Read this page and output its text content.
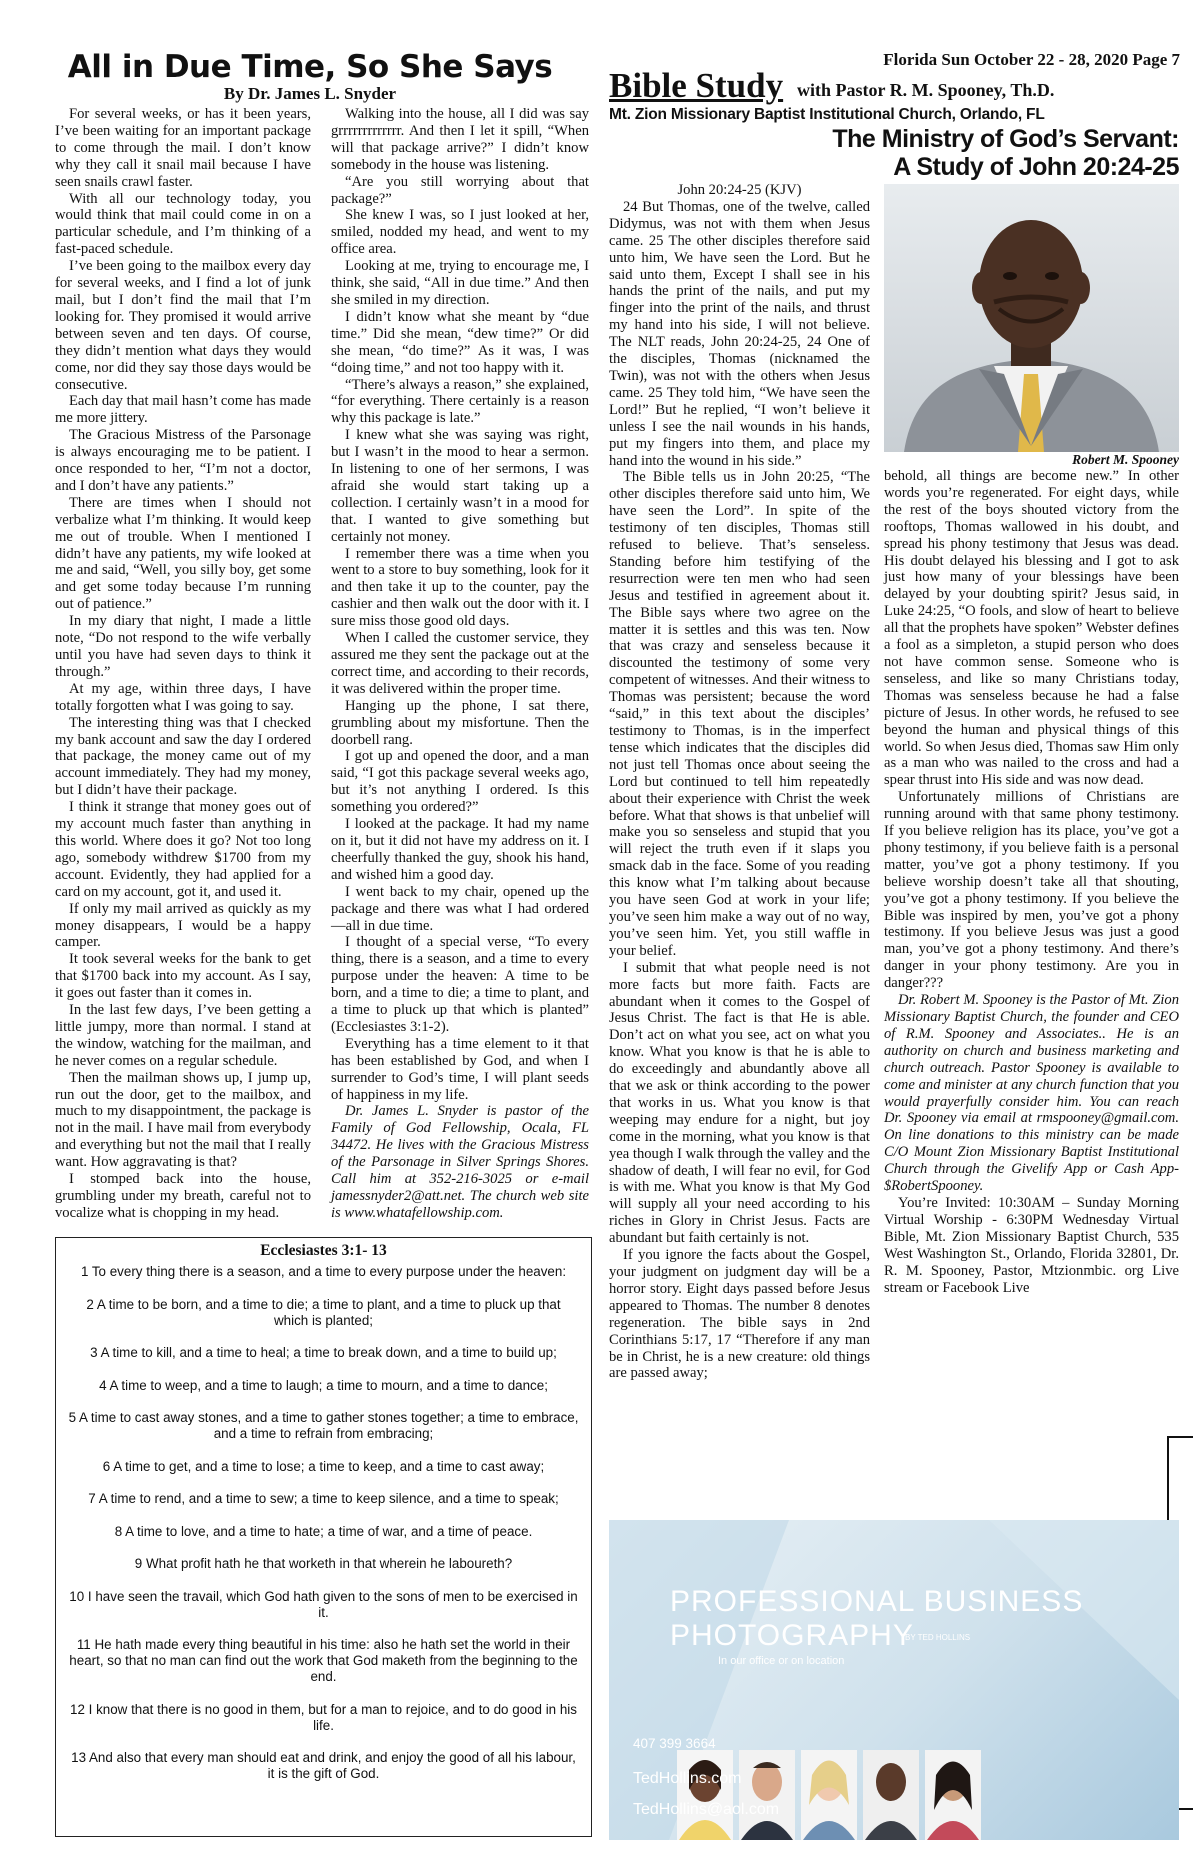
Florida Sun October 22 - 28, 2020 Page 7
All in Due Time, So She Says
By Dr. James L. Snyder

For several weeks, or has it been years, I’ve been waiting for an important package to come through the mail. I don’t know why they call it snail mail because I have seen snails crawl faster.

With all our technology today, you would think that mail could come in on a particular schedule, and I’m thinking of a fast-paced schedule.

I’ve been going to the mailbox every day for several weeks, and I find a lot of junk mail, but I don’t find the mail that I’m looking for. They promised it would arrive between seven and ten days. Of course, they didn’t mention what days they would come, nor did they say those days would be consecutive.

Each day that mail hasn’t come has made me more jittery.

The Gracious Mistress of the Parsonage is always encouraging me to be patient. I once responded to her, “I’m not a doctor, and I don’t have any patients.”

There are times when I should not verbalize what I’m thinking. It would keep me out of trouble. When I mentioned I didn’t have any patients, my wife looked at me and said, “Well, you silly boy, get some and get some today because I’m running out of patience.”

In my diary that night, I made a little note, “Do not respond to the wife verbally until you have had seven days to think it through.”

At my age, within three days, I have totally forgotten what I was going to say.

The interesting thing was that I checked my bank account and saw the day I ordered that package, the money came out of my account immediately. They had my money, but I didn’t have their package.

I think it strange that money goes out of my account much faster than anything in this world. Where does it go? Not too long ago, somebody withdrew $1700 from my account. Evidently, they had applied for a card on my account, got it, and used it.

If only my mail arrived as quickly as my money disappears, I would be a happy camper.

It took several weeks for the bank to get that $1700 back into my account. As I say, it goes out faster than it comes in.

In the last few days, I’ve been getting a little jumpy, more than normal. I stand at the window, watching for the mailman, and he never comes on a regular schedule.

Then the mailman shows up, I jump up, run out the door, get to the mailbox, and much to my disappointment, the package is not in the mail. I have mail from everybody and everything but not the mail that I really want. How aggravating is that?

I stomped back into the house, grumbling under my breath, careful not to vocalize what is chopping in my head.

Walking into the house, all I did was say grrrrrrrrrrrrr. And then I let it spill, “When will that package arrive?” I didn’t know somebody in the house was listening.

“Are you still worrying about that package?”

She knew I was, so I just looked at her, smiled, nodded my head, and went to my office area.

Looking at me, trying to encourage me, I think, she said, “All in due time.” And then she smiled in my direction.

I didn’t know what she meant by “due time.” Did she mean, “dew time?” Or did she mean, “do time?” As it was, I was “doing time,” and not too happy with it.

“There’s always a reason,” she explained, “for everything. There certainly is a reason why this package is late.”

I knew what she was saying was right, but I wasn’t in the mood to hear a sermon. In listening to one of her sermons, I was afraid she would start taking up a collection. I certainly wasn’t in a mood for that. I wanted to give something but certainly not money.

I remember there was a time when you went to a store to buy something, look for it and then take it up to the counter, pay the cashier and then walk out the door with it. I sure miss those good old days.

When I called the customer service, they assured me they sent the package out at the correct time, and according to their records, it was delivered within the proper time.

Hanging up the phone, I sat there, grumbling about my misfortune. Then the doorbell rang.

I got up and opened the door, and a man said, “I got this package several weeks ago, but it’s not anything I ordered. Is this something you ordered?”

I looked at the package. It had my name on it, but it did not have my address on it. I cheerfully thanked the guy, shook his hand, and wished him a good day.

I went back to my chair, opened up the package and there was what I had ordered—all in due time.

I thought of a special verse, “To every thing, there is a season, and a time to every purpose under the heaven: A time to be born, and a time to die; a time to plant, and a time to pluck up that which is planted” (Ecclesiastes 3:1-2).

Everything has a time element to it that has been established by God, and when I surrender to God’s time, I will plant seeds of happiness in my life.

Dr. James L. Snyder is pastor of the Family of God Fellowship, Ocala, FL 34472. He lives with the Gracious Mistress of the Parsonage in Silver Springs Shores. Call him at 352-216-3025 or e-mail jamessnyder2@att.net. The church web site is www.whatafellowship.com.

Ecclesiastes 3:1- 13
1 To every thing there is a season, and a time to every purpose under the heaven:
2 A time to be born, and a time to die; a time to plant, and a time to pluck up that which is planted;
3 A time to kill, and a time to heal; a time to break down, and a time to build up;
4 A time to weep, and a time to laugh; a time to mourn, and a time to dance;
5 A time to cast away stones, and a time to gather stones together; a time to embrace, and a time to refrain from embracing;
6 A time to get, and a time to lose; a time to keep, and a time to cast away;
7 A time to rend, and a time to sew; a time to keep silence, and a time to speak;
8 A time to love, and a time to hate; a time of war, and a time of peace.
9 What profit hath he that worketh in that wherein he laboureth?
10 I have seen the travail, which God hath given to the sons of men to be exercised in it.
11 He hath made every thing beautiful in his time: also he hath set the world in their heart, so that no man can find out the work that God maketh from the beginning to the end.
12 I know that there is no good in them, but for a man to rejoice, and to do good in his life.
13 And also that every man should eat and drink, and enjoy the good of all his labour, it is the gift of God.
Bible Study with Pastor R. M. Spooney, Th.D.
Mt. Zion Missionary Baptist Institutional Church, Orlando, FL
The Ministry of God’s Servant:
A Study of John 20:24-25

John 20:24-25 (KJV)

24 But Thomas, one of the twelve, called Didymus, was not with them when Jesus came. 25 The other disciples therefore said unto him, We have seen the Lord. But he said unto them, Except I shall see in his hands the print of the nails, and put my finger into the print of the nails, and thrust my hand into his side, I will not believe. The NLT reads, John 20:24-25, 24 One of the disciples, Thomas (nicknamed the Twin), was not with the others when Jesus came. 25 They told him, “We have seen the Lord!” But he replied, “I won’t believe it unless I see the nail wounds in his hands, put my fingers into them, and place my hand into the wound in his side.”

The Bible tells us in John 20:25, “The other disciples therefore said unto him, We have seen the Lord”. In spite of the testimony of ten disciples, Thomas still refused to believe. That’s senseless. Standing before him testifying of the resurrection were ten men who had seen Jesus and testified in agreement about it. The Bible says where two agree on the matter it is settles and this was ten. Now that was crazy and senseless because it discounted the testimony of some very competent of witnesses. And their witness to Thomas was persistent; because the word “said,” in this text about the disciples’ testimony to Thomas, is in the imperfect tense which indicates that the disciples did not just tell Thomas once about seeing the Lord but continued to tell him repeatedly about their experience with Christ the week before. What that shows is that unbelief will make you so senseless and stupid that you will reject the truth even if it slaps you smack dab in the face. Some of you reading this know what I’m talking about because you have seen God at work in your life; you’ve seen him make a way out of no way, you’ve seen him. Yet, you still waffle in your belief.

I submit that what people need is not more facts but more faith. Facts are abundant when it comes to the Gospel of Jesus Christ. The fact is that He is able. Don’t act on what you see, act on what you know. What you know is that he is able to do exceedingly and abundantly above all that we ask or think according to the power that works in us. What you know is that weeping may endure for a night, but joy come in the morning, what you know is that yea though I walk through the valley and the shadow of death, I will fear no evil, for God is with me. What you know is that My God will supply all your need according to his riches in Glory in Christ Jesus. Facts are abundant but faith certainly is not.

If you ignore the facts about the Gospel, your judgment on judgment day will be a horror story. Eight days passed before Jesus appeared to Thomas. The number 8 denotes regeneration. The bible says in 2nd Corinthians 5:17, 17 “Therefore if any man be in Christ, he is a new creature: old things are passed away;

Robert M. Spooney

behold, all things are become new.” In other words you’re regenerated. For eight days, while the rest of the boys shouted victory from the rooftops, Thomas wallowed in his doubt, and spread his phony testimony that Jesus was dead. His doubt delayed his blessing and I got to ask just how many of your blessings have been delayed by your doubting spirit? Jesus said, in Luke 24:25, “O fools, and slow of heart to believe all that the prophets have spoken” Webster defines a fool as a simpleton, a stupid person who does not have common sense. Someone who is senseless, and like so many Christians today, Thomas was senseless because he had a false picture of Jesus. In other words, he refused to see beyond the human and physical things of this world. So when Jesus died, Thomas saw Him only as a man who was nailed to the cross and had a spear thrust into His side and was now dead.

Unfortunately millions of Christians are running around with that same phony testimony. If you believe religion has its place, you’ve got a phony testimony, if you believe faith is a personal matter, you’ve got a phony testimony. If you believe worship doesn’t take all that shouting, you’ve got a phony testimony. If you believe the Bible was inspired by men, you’ve got a phony testimony. If you believe Jesus was just a good man, you’ve got a phony testimony. And there’s danger in your phony testimony. Are you in danger???

Dr. Robert M. Spooney is the Pastor of Mt. Zion Missionary Baptist Church, the founder and CEO of R.M. Spooney and Associates.. He is an authority on church and business marketing and church outreach. Pastor Spooney is available to come and minister at any church function that you would prayerfully consider him. You can reach Dr. Spooney via email at rmspooney@gmail.com. On line donations to this ministry can be made C/O Mount Zion Missionary Baptist Institutional Church through the Givelify App or Cash App- $RobertSpooney.

You’re Invited: 10:30AM – Sunday Morning Virtual Worship - 6:30PM Wednesday Virtual Bible, Mt. Zion Missionary Baptist Church, 535 West Washington St., Orlando, Florida 32801, Dr. R. M. Spooney, Pastor, Mtzionmbic. org Live stream or Facebook Live

PROFESSIONAL BUSINESS
PHOTOGRAPHY
BY TED HOLLINS
In our office or on location
407 399 3664
TedHollins.com
TedHollins@aol.com
